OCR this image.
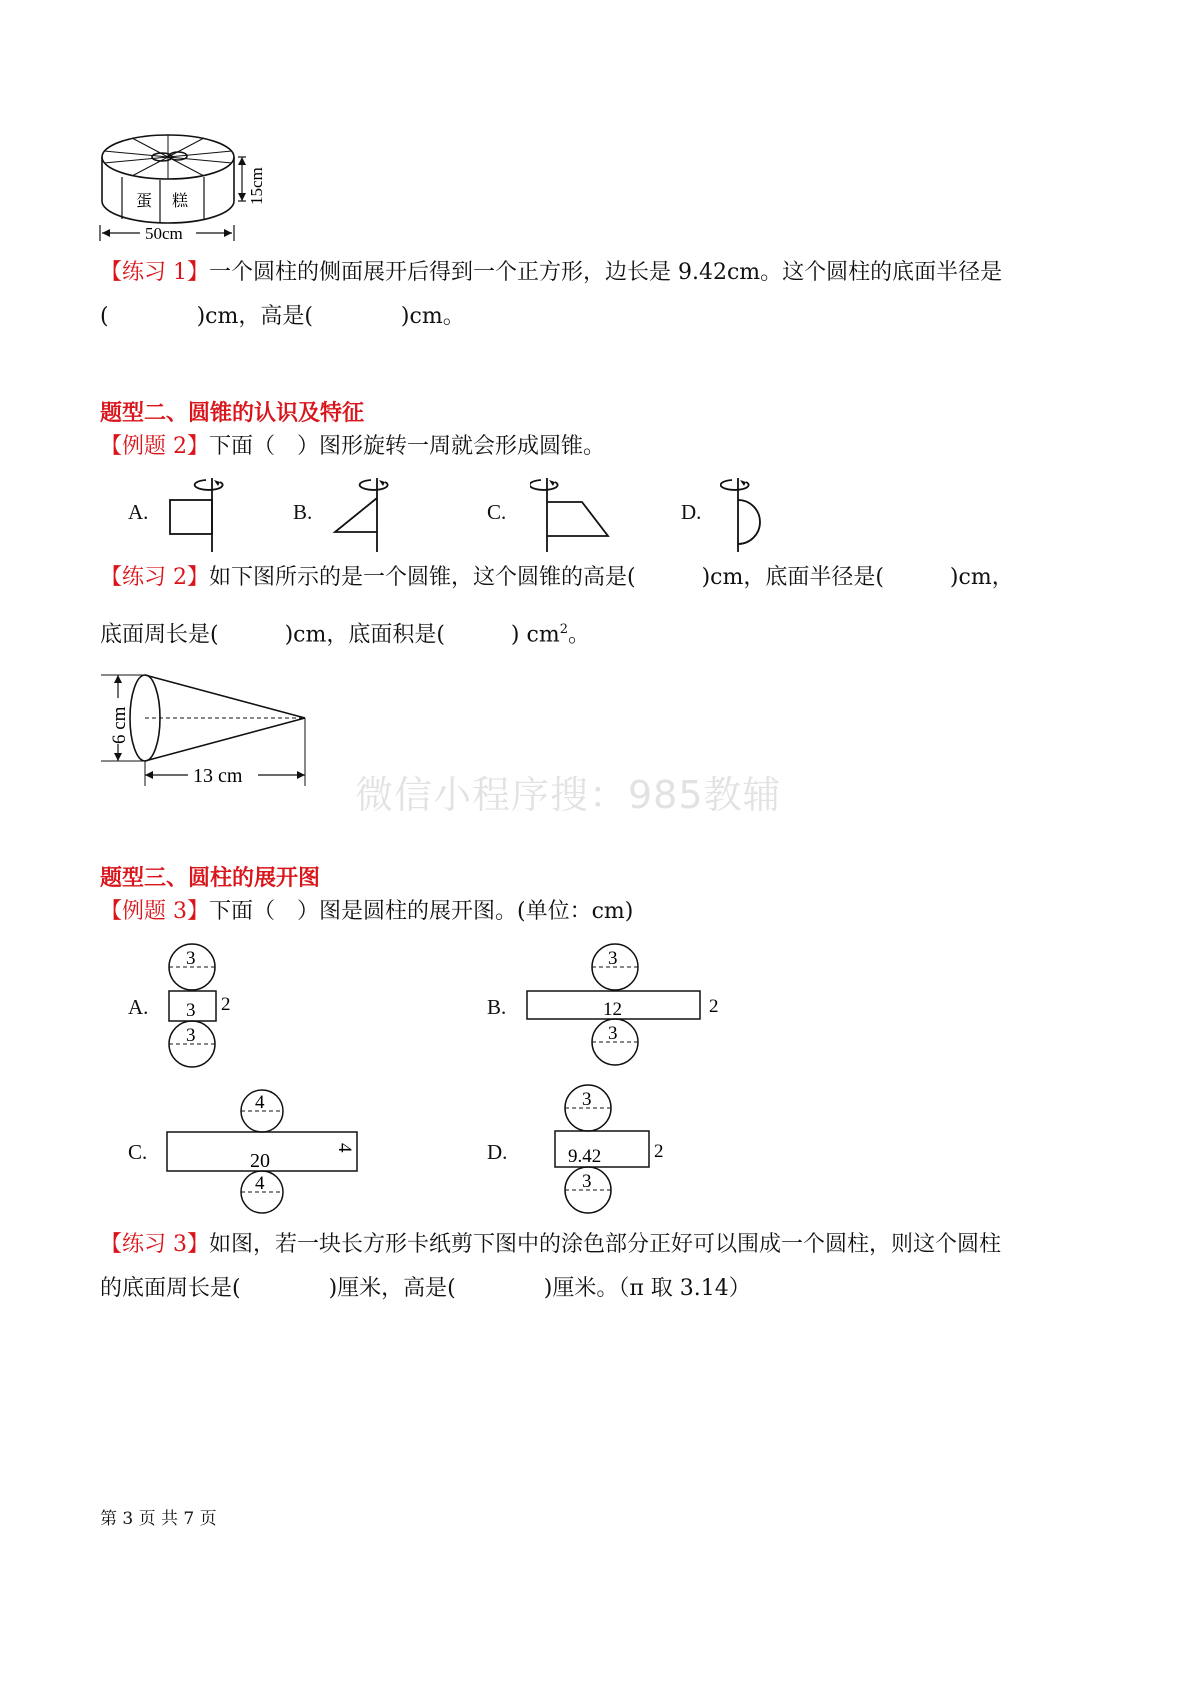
蛋 糕	15cm
50cm
【练习 1】一个圆柱的侧面展开后得到一个正方形，边长是 9.42cm。这个圆柱的底面半径是
(　　　　)cm，高是(　　　　)cm。
题型二、圆锥的认识及特征
【例题 2】下面（　）图形旋转一周就会形成圆锥。
A.	B.	C.	D.
【练习 2】如下图所示的是一个圆锥，这个圆锥的高是(　　　)cm，底面半径是(　　　)cm，
底面周长是(　　　)cm，底面积是(　　　) $cm^2$。
6 cm
13 cm	微信小程序搜：985教辅
题型三、圆柱的展开图
【例题 3】下面（　）图是圆柱的展开图。(单位：cm)
A.
3
3 2
3
B.
3
12	2
3
C.
4
20
4
4
D.
3
9.42	2
3
【练习 3】如图，若一块长方形卡纸剪下图中的涂色部分正好可以围成一个圆柱，则这个圆柱
的底面周长是(　　　　)厘米，高是(　　　　)厘米。（π 取 3.14）
第 3 页 共 7 页
